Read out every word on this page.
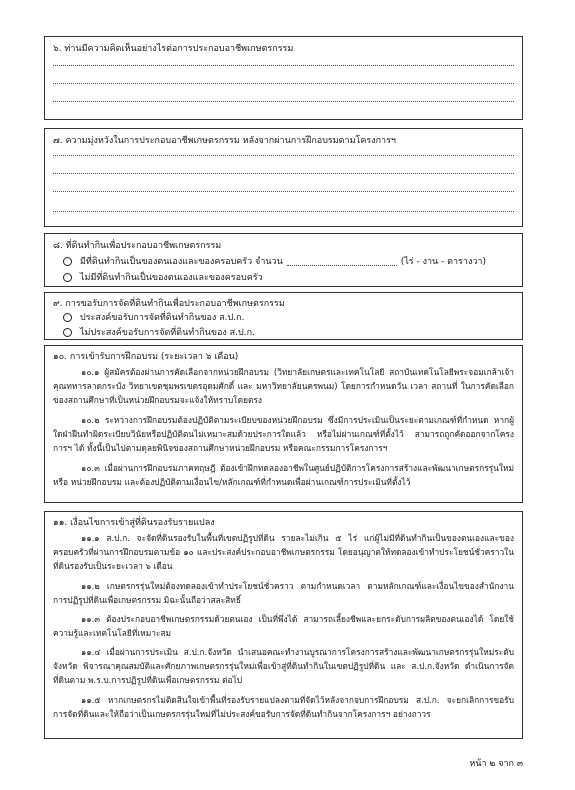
๖. ท่านมีความคิดเห็นอย่างไรต่อการประกอบอาชีพเกษตรกรรม
๗. ความมุ่งหวังในการประกอบอาชีพเกษตรกรรม หลังจากผ่านการฝึกอบรมตามโครงการฯ
๘. ที่ดินทำกินเพื่อประกอบอาชีพเกษตรกรรม
มีที่ดินทำกินเป็นของตนเองและของครอบครัว จำนวน	(ไร่ - งาน - ตารางวา)
ไม่มีที่ดินทำกินเป็นของตนเองและของครอบครัว
๙. การขอรับการจัดที่ดินทำกินเพื่อประกอบอาชีพเกษตรกรรม
ประสงค์ขอรับการจัดที่ดินทำกินของ ส.ป.ก.
ไม่ประสงค์ขอรับการจัดที่ดินทำกินของ ส.ป.ก.
๑๐. การเข้ารับการฝึกอบรม (ระยะเวลา ๖ เดือน)
๑๐.๑ ผู้สมัครต้องผ่านการคัดเลือกจากหน่วยฝึกอบรม (วิทยาลัยเกษตรและเทคโนโลยี สถาบันเทคโนโลยีพระจอมเกล้าเจ้าคุณทหารลาดกระบัง วิทยาเขตชุมพรเขตรอุดมศักดิ์ และ มหาวิทยาลัยนครพนม) โดยการกำหนดวัน เวลา สถานที่ ในการคัดเลือกของสถานศึกษาที่เป็นหน่วยฝึกอบรมจะแจ้งให้ทราบโดยตรง
๑๐.๒ ระหว่างการฝึกอบรมต้องปฏิบัติตามระเบียบของหน่วยฝึกอบรม ซึ่งมีการประเมินเป็นระยะตามเกณฑ์ที่กำหนด หากผู้ใดฝ่าฝืนทำผิดระเบียบวินัยหรือปฏิบัติตนไม่เหมาะสมด้วยประการใดแล้ว หรือไม่ผ่านเกณฑ์ที่ตั้งไว้ สามารถถูกคัดออกจากโครงการฯ ได้ ทั้งนี้เป็นไปตามดุลยพินิจของสถานศึกษาหน่วยฝึกอบรม หรือคณะกรรมการโครงการฯ
๑๐.๓ เมื่อผ่านการฝึกอบรมภาคทฤษฎี ต้องเข้าฝึกทดลองอาชีพในศูนย์ปฏิบัติการโครงการสร้างและพัฒนาเกษตรกรรุ่นใหม่ หรือ หน่วยฝึกอบรม และต้องปฏิบัติตามเงื่อนไข/หลักเกณฑ์ที่กำหนดเพื่อผ่านเกณฑ์การประเมินที่ตั้งไว้
๑๑. เงื่อนไขการเข้าสู่ที่ดินรองรับรายแปลง
๑๑.๑ ส.ป.ก. จะจัดที่ดินรองรับในพื้นที่เขตปฏิรูปที่ดิน รายละไม่เกิน ๕ ไร่ แก่ผู้ไม่มีที่ดินทำกินเป็นของตนเองและของครอบครัวที่ผ่านการฝึกอบรมตามข้อ ๑๐ และประสงค์ประกอบอาชีพเกษตรกรรม โดยอนุญาตให้ทดลองเข้าทำประโยชน์ชั่วคราวในที่ดินรองรับเป็นระยะเวลา ๖ เดือน
๑๑.๒ เกษตรกรรุ่นใหม่ต้องทดลองเข้าทำประโยชน์ชั่วคราว ตามกำหนดเวลา ตามหลักเกณฑ์และเงื่อนไขของสำนักงานการปฏิรูปที่ดินเพื่อเกษตรกรรม มิฉะนั้นถือว่าสละสิทธิ์
๑๑.๓ ต้องประกอบอาชีพเกษตรกรรมด้วยตนเอง เป็นที่พึ่งได้ สามารถเลี้ยงชีพและยกระดับการผลิตของตนเองได้ โดยใช้ความรู้และเทคโนโลยีที่เหมาะสม
๑๑.๔ เมื่อผ่านการประเมิน ส.ป.ก.จังหวัด นำเสนอคณะทำงานบูรณาการโครงการสร้างและพัฒนาเกษตรกรรุ่นใหม่ระดับจังหวัด พิจารณาคุณสมบัติและศักยภาพเกษตรกรรุ่นใหม่เพื่อเข้าสู่ที่ดินทำกินในเขตปฏิรูปที่ดิน และ ส.ป.ก.จังหวัด ดำเนินการจัดที่ดินตาม พ.ร.บ.การปฏิรูปที่ดินเพื่อเกษตรกรรม ต่อไป
๑๑.๕ หากเกษตรกรไม่ติดสินใจเข้าพื้นที่รองรับรายแปลงตามที่จัดไว้หลังจากจบการฝึกอบรม ส.ป.ก. จะยกเลิกการขอรับการจัดที่ดินและให้ถือว่าเป็นเกษตรกรรุ่นใหม่ที่ไม่ประสงค์ขอรับการจัดที่ดินทำกินจากโครงการฯ อย่างถาวร
หน้า ๒ จาก ๓
